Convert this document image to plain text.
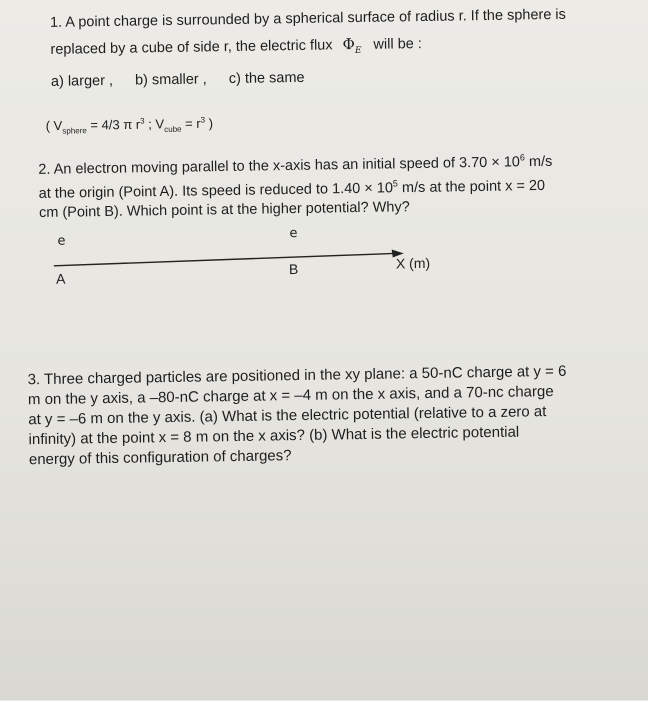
1. A point charge is surrounded by a spherical surface of radius r. If the sphere is
replaced by a cube of side r, the electric flux $\Phi_E$ will be :
a) larger , b) smaller , c) the same
( $V_{sphere} = 4/3$ π $r^3$ ; $V_{cube} = r^3$ )
2. An electron moving parallel to the x-axis has an initial speed of $3.70 \times 10^6$ m/s
at the origin (Point A). Its speed is reduced to $1.40 \times 10^5$ m/s at the point x = 20
cm (Point B). Which point is at the higher potential? Why?
e
e
A
B	X (m)
3. Three charged particles are positioned in the xy plane: a 50-nC charge at y = 6
m on the y axis, a –80-nC charge at x = –4 m on the x axis, and a 70-nc charge
at y = –6 m on the y axis. (a) What is the electric potential (relative to a zero at
infinity) at the point x = 8 m on the x axis? (b) What is the electric potential
energy of this configuration of charges?
